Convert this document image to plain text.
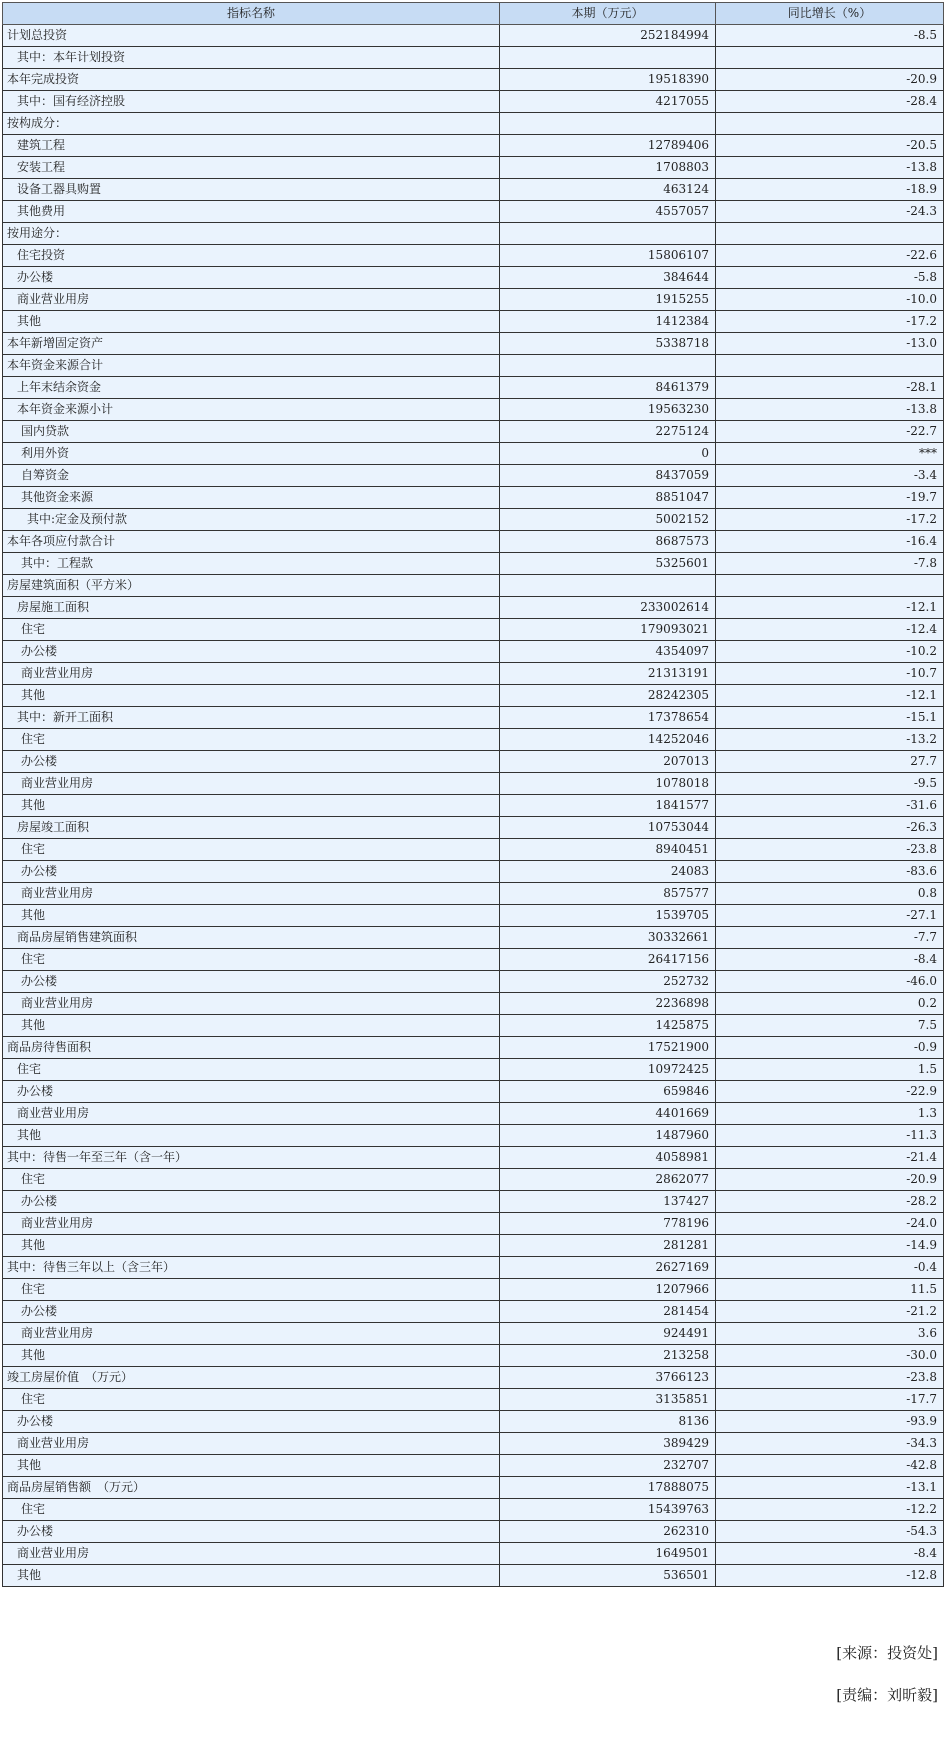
指标名称	本期（万元）	同比增长（%）
计划总投资	252184994	-8.5
其中：本年计划投资		
本年完成投资	19518390	-20.9
其中：国有经济控股	4217055	-28.4
按构成分：		
建筑工程	12789406	-20.5
安装工程	1708803	-13.8
设备工器具购置	463124	-18.9
其他费用	4557057	-24.3
按用途分：		
住宅投资	15806107	-22.6
办公楼	384644	-5.8
商业营业用房	1915255	-10.0
其他	1412384	-17.2
本年新增固定资产	5338718	-13.0
本年资金来源合计		
上年末结余资金	8461379	-28.1
本年资金来源小计	19563230	-13.8
国内贷款	2275124	-22.7
利用外资	0	***
自筹资金	8437059	-3.4
其他资金来源	8851047	-19.7
其中:定金及预付款	5002152	-17.2
本年各项应付款合计	8687573	-16.4
其中：工程款	5325601	-7.8
房屋建筑面积（平方米）		
房屋施工面积	233002614	-12.1
住宅	179093021	-12.4
办公楼	4354097	-10.2
商业营业用房	21313191	-10.7
其他	28242305	-12.1
其中：新开工面积	17378654	-15.1
住宅	14252046	-13.2
办公楼	207013	27.7
商业营业用房	1078018	-9.5
其他	1841577	-31.6
房屋竣工面积	10753044	-26.3
住宅	8940451	-23.8
办公楼	24083	-83.6
商业营业用房	857577	0.8
其他	1539705	-27.1
商品房屋销售建筑面积	30332661	-7.7
住宅	26417156	-8.4
办公楼	252732	-46.0
商业营业用房	2236898	0.2
其他	1425875	7.5
商品房待售面积	17521900	-0.9
住宅	10972425	1.5
办公楼	659846	-22.9
商业营业用房	4401669	1.3
其他	1487960	-11.3
其中：待售一年至三年（含一年）	4058981	-21.4
住宅	2862077	-20.9
办公楼	137427	-28.2
商业营业用房	778196	-24.0
其他	281281	-14.9
其中：待售三年以上（含三年）	2627169	-0.4
住宅	1207966	11.5
办公楼	281454	-21.2
商业营业用房	924491	3.6
其他	213258	-30.0
竣工房屋价值　（万元）	3766123	-23.8
住宅	3135851	-17.7
办公楼	8136	-93.9
商业营业用房	389429	-34.3
其他	232707	-42.8
商品房屋销售额　（万元）	17888075	-13.1
住宅	15439763	-12.2
办公楼	262310	-54.3
商业营业用房	1649501	-8.4
其他	536501	-12.8
[来源：投资处]
[责编：刘昕毅]
